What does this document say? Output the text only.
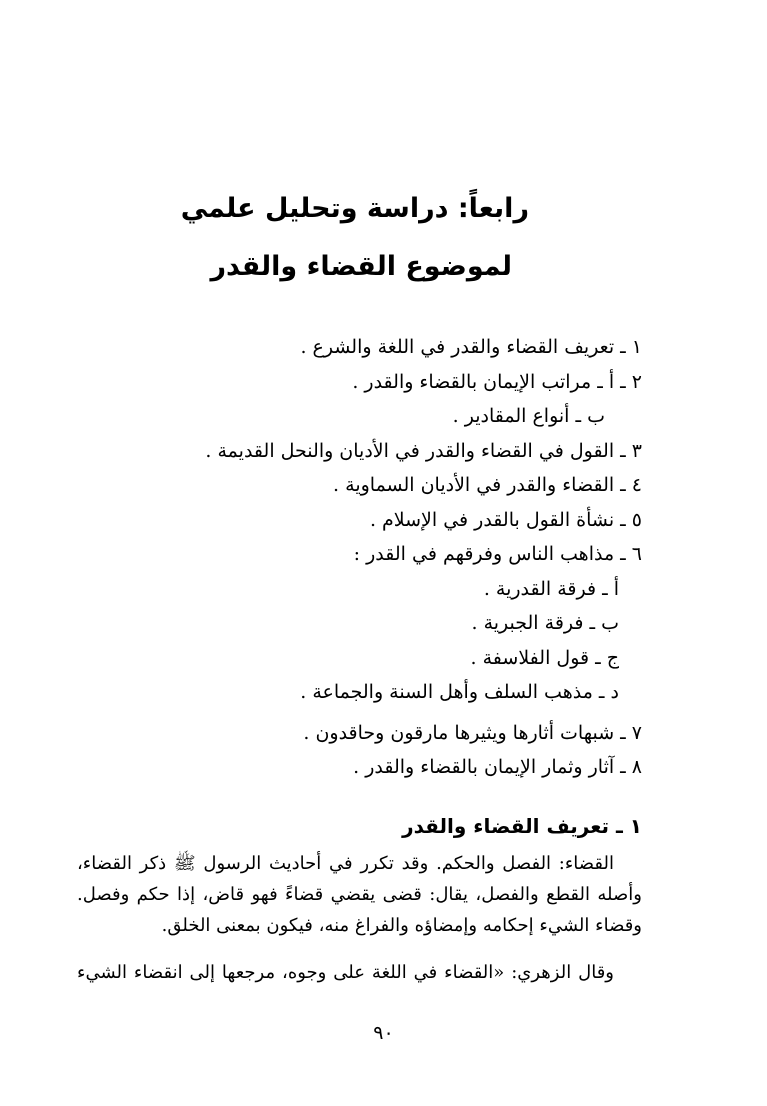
رابعاً: دراسة وتحليل علمي
لموضوع القضاء والقدر
١ ـ تعريف القضاء والقدر في اللغة والشرع .
٢ ـ أ ـ مراتب الإيمان بالقضاء والقدر .
ب ـ أنواع المقادير .
٣ ـ القول في القضاء والقدر في الأديان والنحل القديمة .
٤ ـ القضاء والقدر في الأديان السماوية .
٥ ـ نشأة القول بالقدر في الإسلام .
٦ ـ مذاهب الناس وفرقهم في القدر :
أ ـ فرقة القدرية .
ب ـ فرقة الجبرية .
ج ـ قول الفلاسفة .
د ـ مذهب السلف وأهل السنة والجماعة .
٧ ـ شبهات أثارها ويثيرها مارقون وحاقدون .
٨ ـ آثار وثمار الإيمان بالقضاء والقدر .
١ ـ تعريف القضاء والقدر

القضاء: الفصل والحكم. وقد تكرر في أحاديث الرسول ﷺ ذكر القضاء،
وأصله القطع والفصل، يقال: قضى يقضي قضاءً فهو قاض، إذا حكم وفصل.
وقضاء الشيء إحكامه وإمضاؤه والفراغ منه، فيكون بمعنى الخلق.

وقال الزهري: «القضاء في اللغة على وجوه، مرجعها إلى انقضاء الشيء

٩٠
